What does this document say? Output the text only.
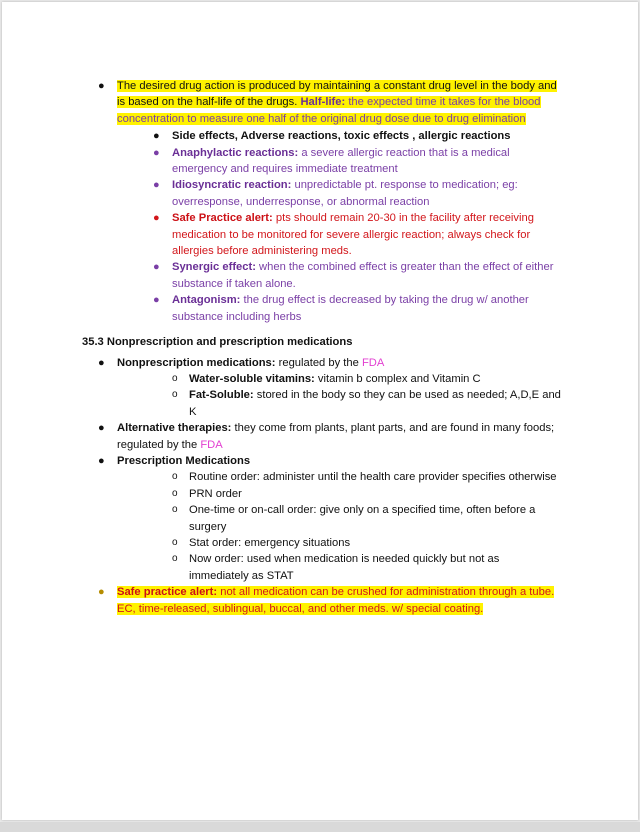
● The desired drug action is produced by maintaining a constant drug level in the body and is based on the half-life of the drugs. Half-life: the expected time it takes for the blood concentration to measure one half of the original drug dose due to drug elimination
● Side effects, Adverse reactions, toxic effects , allergic reactions
● Anaphylactic reactions: a severe allergic reaction that is a medical emergency and requires immediate treatment
● Idiosyncratic reaction: unpredictable pt. response to medication; eg: overresponse, underresponse, or abnormal reaction
● Safe Practice alert: pts should remain 20-30 in the facility after receiving medication to be monitored for severe allergic reaction; always check for allergies before administering meds.
● Synergic effect: when the combined effect is greater than the effect of either substance if taken alone.
● Antagonism: the drug effect is decreased by taking the drug w/ another substance including herbs
35.3 Nonprescription and prescription medications
● Nonprescription medications: regulated by the FDA
o Water-soluble vitamins: vitamin b complex and Vitamin C
o Fat-Soluble: stored in the body so they can be used as needed; A,D,E and K
● Alternative therapies: they come from plants, plant parts, and are found in many foods; regulated by the FDA
● Prescription Medications
o Routine order: administer until the health care provider specifies otherwise
o PRN order
o One-time or on-call order: give only on a specified time, often before a surgery
o Stat order: emergency situations
o Now order: used when medication is needed quickly but not as immediately as STAT
● Safe practice alert: not all medication can be crushed for administration through a tube. EC, time-released, sublingual, buccal, and other meds. w/ special coating.
